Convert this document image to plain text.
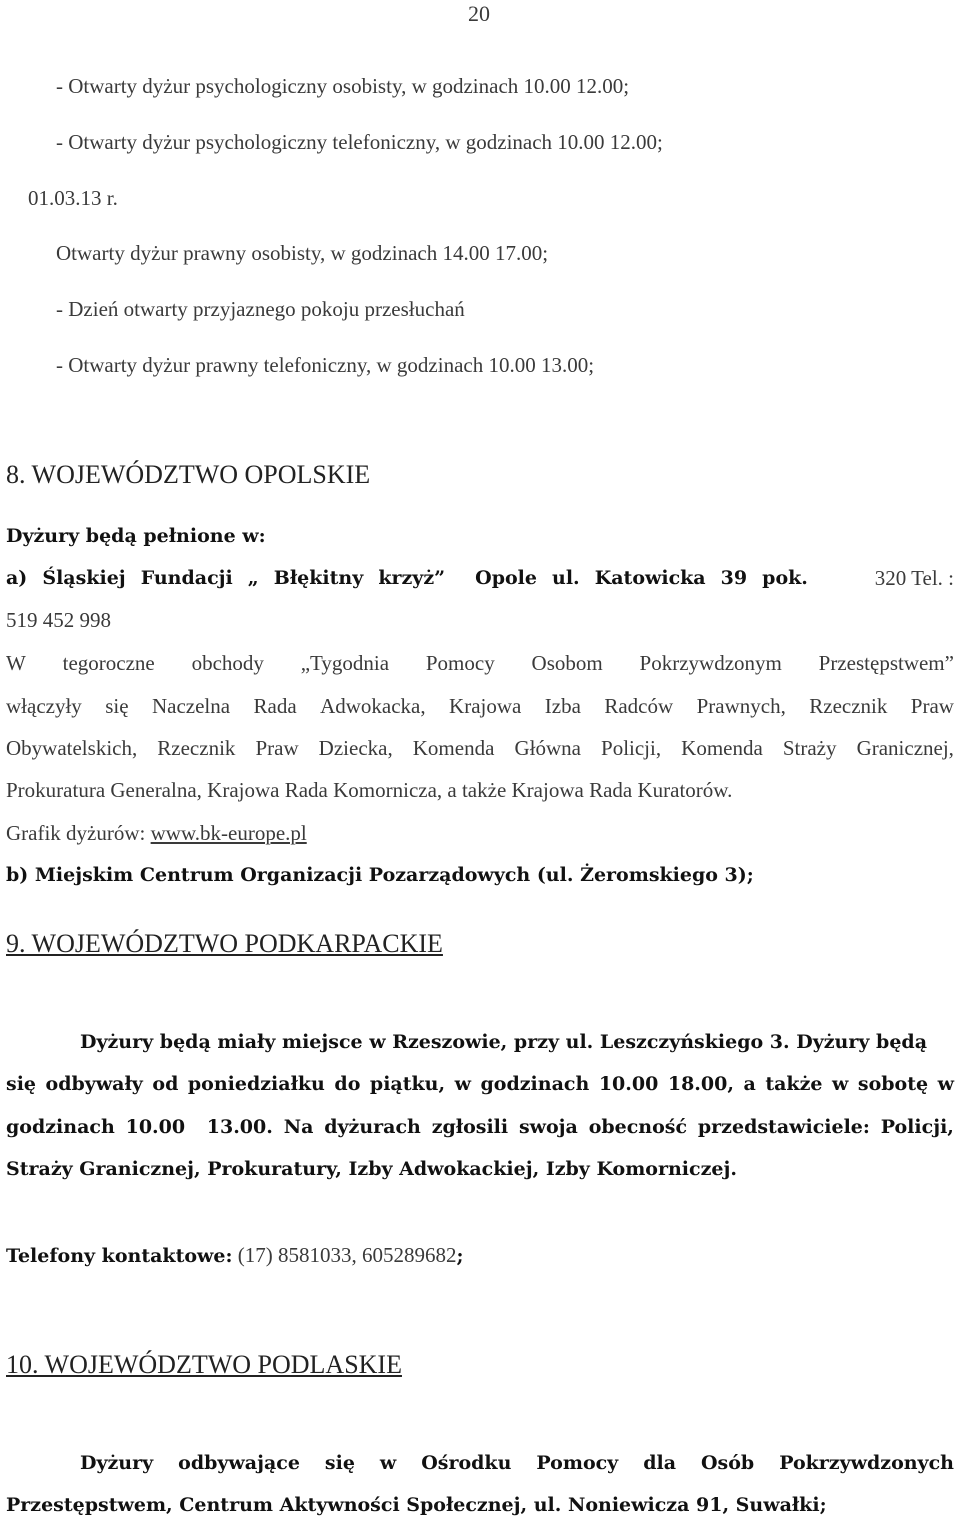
20
- Otwarty dyżur psychologiczny osobisty, w godzinach 10.00 12.00;
- Otwarty dyżur psychologiczny telefoniczny, w godzinach 10.00 12.00;
01.03.13 r.
Otwarty dyżur prawny osobisty, w godzinach 14.00 17.00;
- Dzień otwarty przyjaznego pokoju przesłuchań
- Otwarty dyżur prawny telefoniczny, w godzinach 10.00 13.00;
8. WOJEWÓDZTWO OPOLSKIE
Dyżury będą pełnione w:
a) Śląskiej Fundacji „ Błękitny krzyż” Opole ul. Katowicka 39 pok.	320 Tel. :
519 452 998
W tegoroczne obchody „Tygodnia Pomocy Osobom Pokrzywdzonym Przestępstwem”
włączyły się Naczelna Rada Adwokacka, Krajowa Izba Radców Prawnych, Rzecznik Praw
Obywatelskich, Rzecznik Praw Dziecka, Komenda Główna Policji, Komenda Straży Granicznej,
Prokuratura Generalna, Krajowa Rada Komornicza, a także Krajowa Rada Kuratorów.
Grafik dyżurów: www.bk-europe.pl
b) Miejskim Centrum Organizacji Pozarządowych (ul. Żeromskiego 3);
9. WOJEWÓDZTWO PODKARPACKIE
Dyżury będą miały miejsce w Rzeszowie, przy ul. Leszczyńskiego 3. Dyżury będą
się odbywały od poniedziałku do piątku, w godzinach 10.00 18.00, a także w sobotę w
godzinach 10.00 13.00. Na dyżurach zgłosili swoja obecność przedstawiciele: Policji,
Straży Granicznej, Prokuratury, Izby Adwokackiej, Izby Komorniczej.
Telefony kontaktowe: (17) 8581033, 605289682;
10. WOJEWÓDZTWO PODLASKIE
Dyżury odbywające się w Ośrodku Pomocy dla Osób Pokrzywdzonych
Przestępstwem, Centrum Aktywności Społecznej, ul. Noniewicza 91, Suwałki;
